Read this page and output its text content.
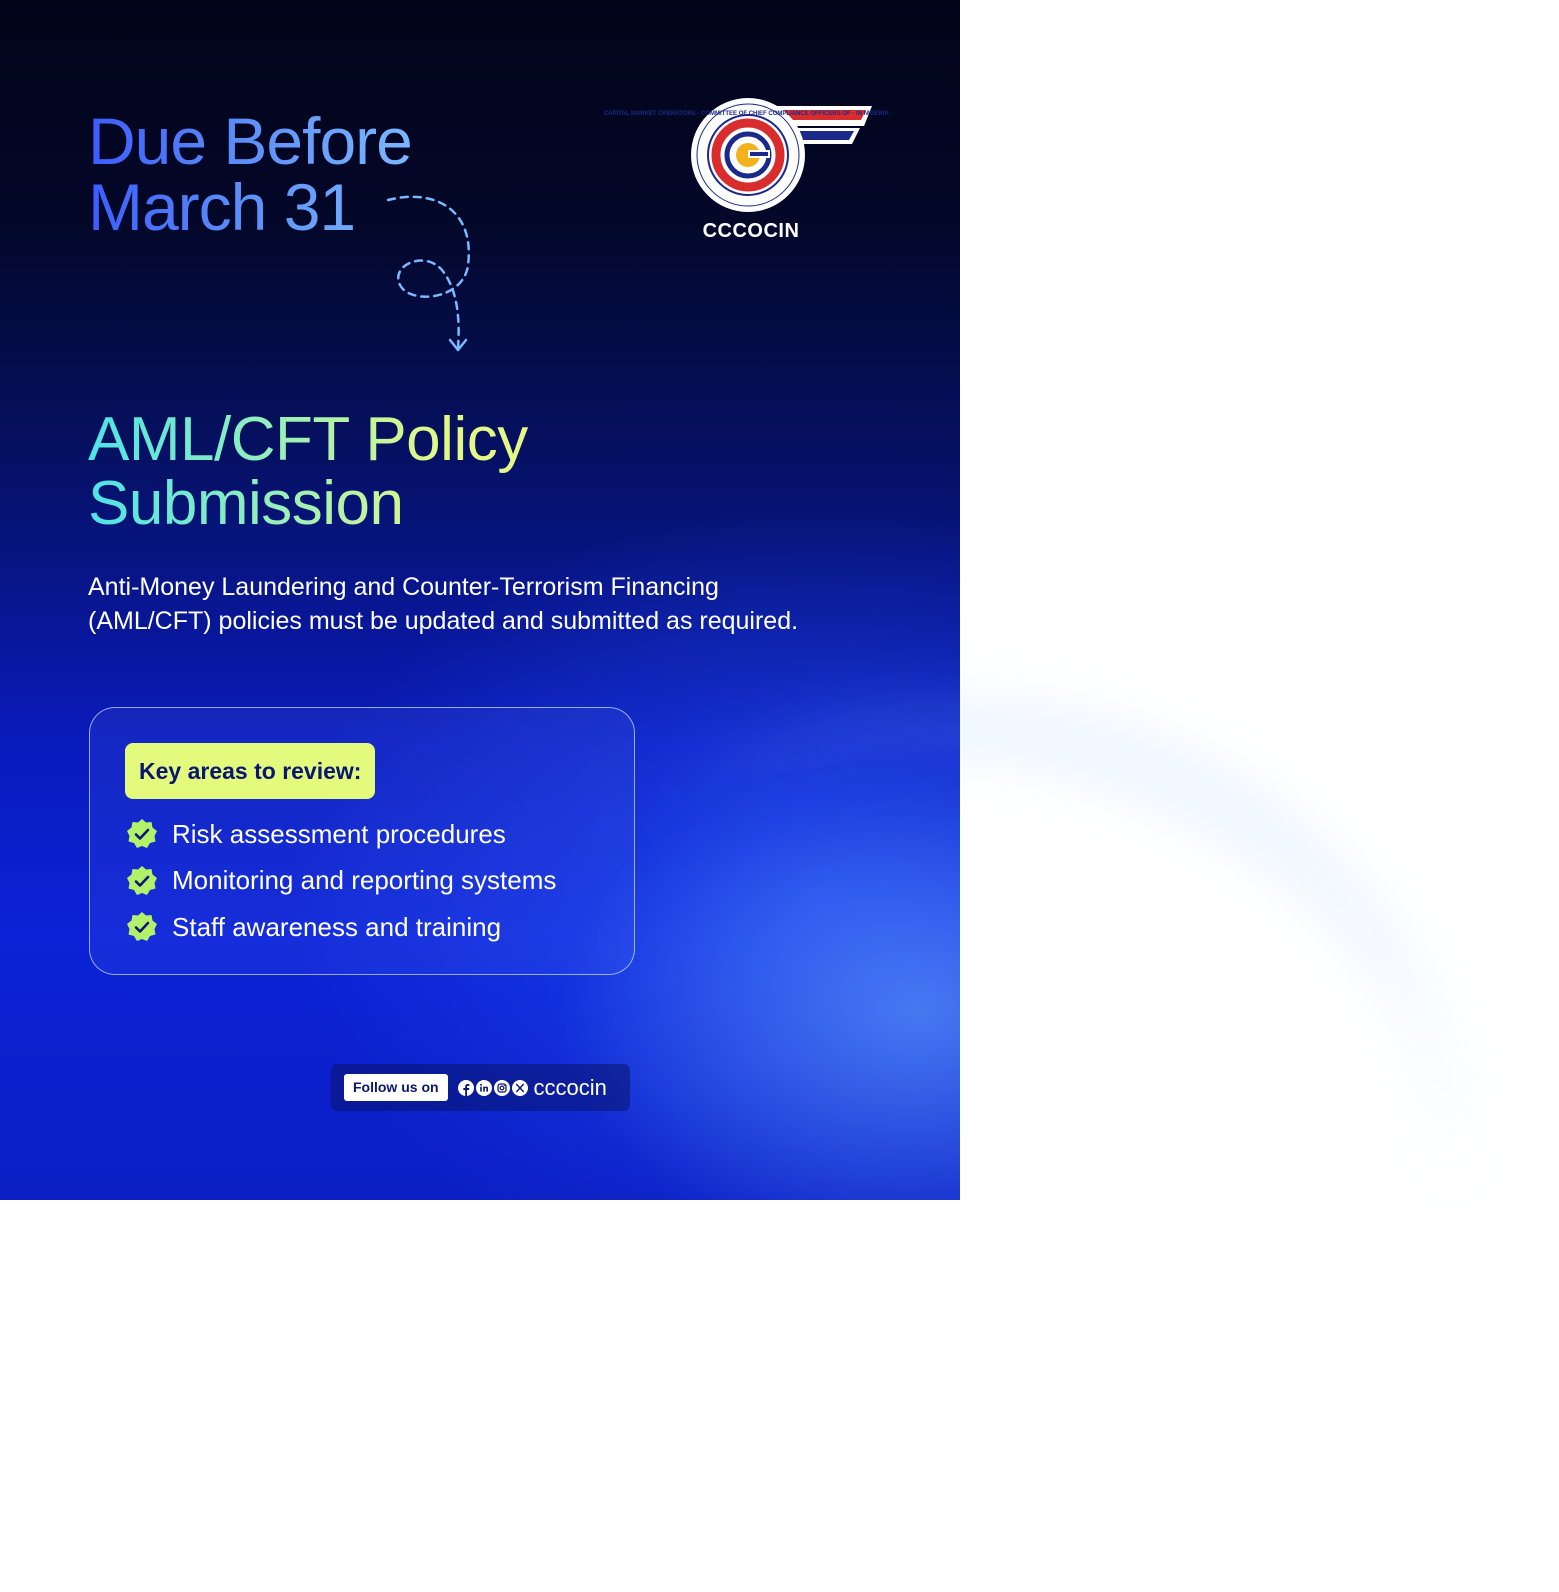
Due Before
March 31
CAPITAL MARKET OPERATORS · COMMITTEE OF CHIEF COMPLIANCE OFFICERS OF · IN NIGERIA ·
CCCOCIN
AML/CFT Policy
Submission

Anti-Money Laundering and Counter-Terrorism Financing (AML/CFT) policies must be updated and submitted as required.

Key areas to review:
Risk assessment procedures
Monitoring and reporting systems
Staff awareness and training
Follow us on	cccocin
